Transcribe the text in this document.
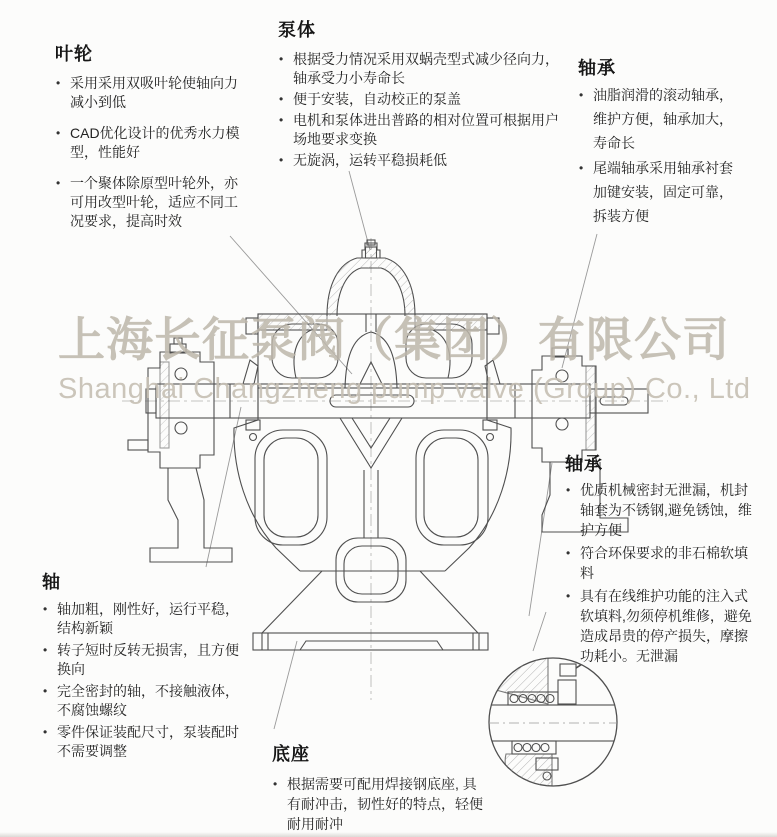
上海长征泵阀（集团）有限公司
Shanghai Changzheng pump valve (Group) Co., Ltd
叶轮
• 采用采用双吸叶轮使轴向力减小到低
• CAD优化设计的优秀水力模型，性能好
• 一个聚体除原型叶轮外，亦可用改型叶轮，适应不同工况要求，提高时效
泵体
• 根据受力情况采用双蜗壳型式减少径向力，轴承受力小寿命长
• 便于安装，自动校正的泵盖
• 电机和泵体进出普路的相对位置可根据用户场地要求变换
• 无旋涡，运转平稳损耗低
轴承
• 油脂润滑的滚动轴承，维护方便，轴承加大，寿命长
• 尾端轴承采用轴承衬套加键安装，固定可靠，拆装方便
轴承
• 优质机械密封无泄漏，机封轴套为不锈钢,避免锈蚀，维护方便
• 符合环保要求的非石棉软填料
• 具有在线维护功能的注入式软填料,勿须停机维修，避免造成昂贵的停产损失，摩擦功耗小。无泄漏
轴
• 轴加粗，刚性好，运行平稳，结构新颖
• 转子短时反转无损害，且方便换向
• 完全密封的轴，不接触液体，不腐蚀螺纹
• 零件保证装配尺寸，泵装配时不需要调整	底座
• 根据需要可配用焊接钢底座, 具有耐冲击，韧性好的特点，轻便耐用耐冲
